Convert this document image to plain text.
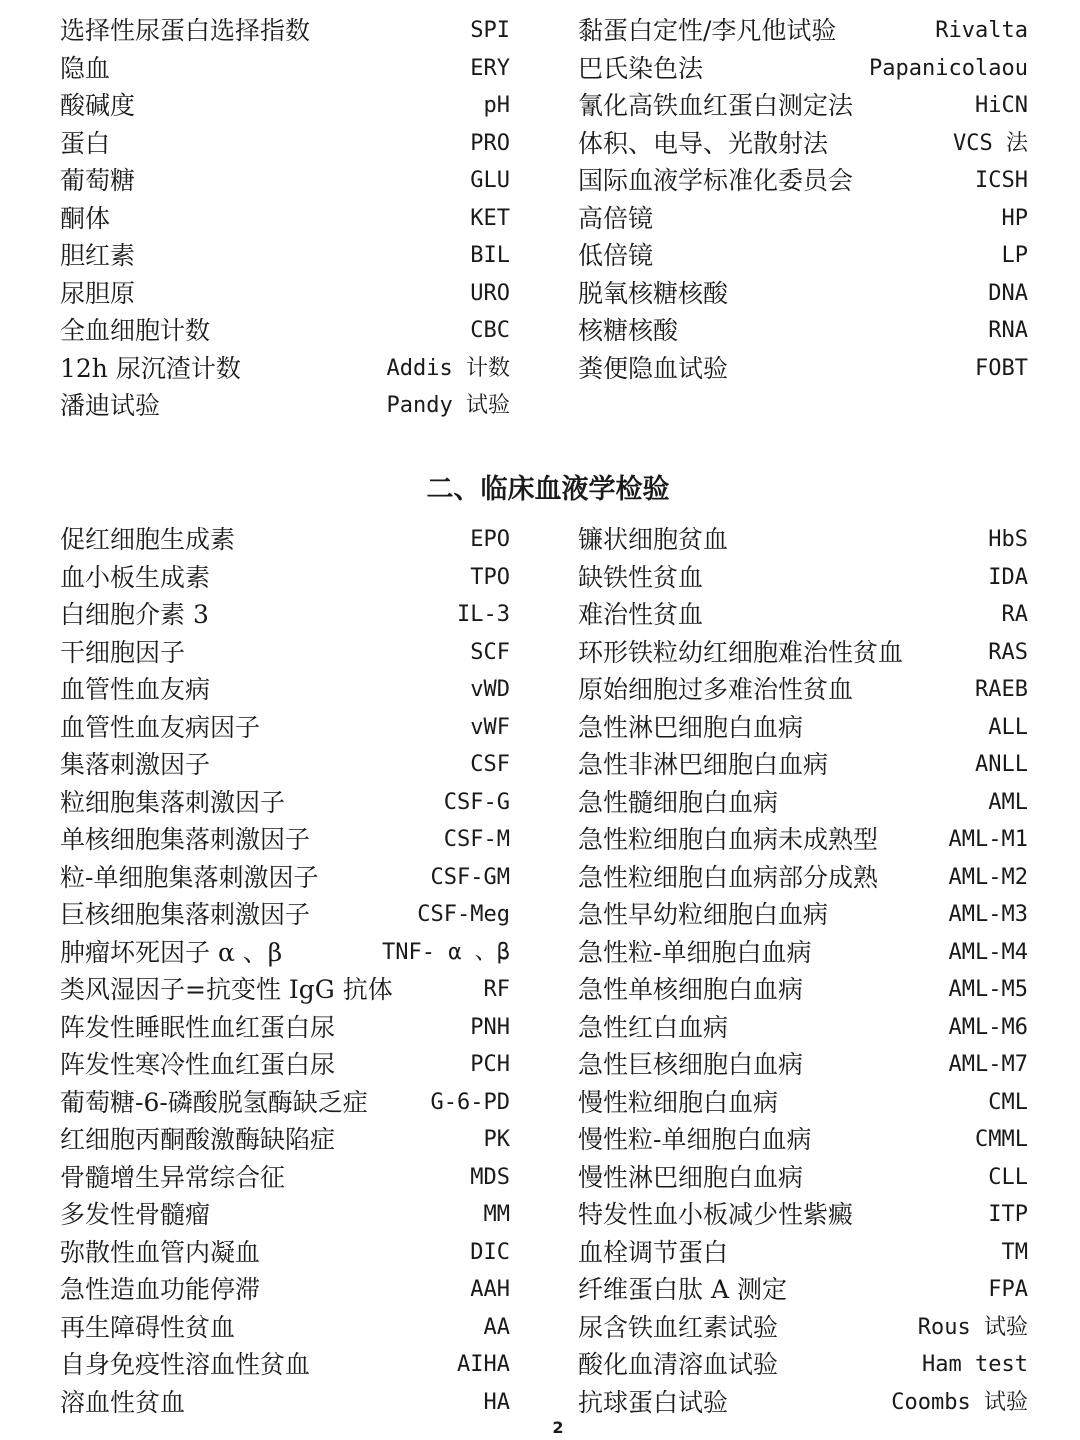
选择性尿蛋白选择指数	SPI
隐血	ERY
酸碱度	pH
蛋白	PRO
葡萄糖	GLU
酮体	KET
胆红素	BIL
尿胆原	URO
全血细胞计数	CBC
12h 尿沉渣计数	Addis 计数
潘迪试验	Pandy 试验
黏蛋白定性/李凡他试验	Rivalta
巴氏染色法	Papanicolaou
氰化高铁血红蛋白测定法	HiCN
体积、电导、光散射法	VCS 法
国际血液学标准化委员会	ICSH
高倍镜	HP
低倍镜	LP
脱氧核糖核酸	DNA
核糖核酸	RNA
粪便隐血试验	FOBT
二、临床血液学检验
促红细胞生成素	EPO
血小板生成素	TPO
白细胞介素 3	IL-3
干细胞因子	SCF
血管性血友病	vWD
血管性血友病因子	vWF
集落刺激因子	CSF
粒细胞集落刺激因子	CSF-G
单核细胞集落刺激因子	CSF-M
粒-单细胞集落刺激因子	CSF-GM
巨核细胞集落刺激因子	CSF-Meg
肿瘤坏死因子 α 、β	TNF- α 、β
类风湿因子=抗变性 IgG 抗体	RF
阵发性睡眠性血红蛋白尿	PNH
阵发性寒冷性血红蛋白尿	PCH
葡萄糖-6-磷酸脱氢酶缺乏症	G-6-PD
红细胞丙酮酸激酶缺陷症	PK
骨髓增生异常综合征	MDS
多发性骨髓瘤	MM
弥散性血管内凝血	DIC
急性造血功能停滞	AAH
再生障碍性贫血	AA
自身免疫性溶血性贫血	AIHA
溶血性贫血	HA
镰状细胞贫血	HbS
缺铁性贫血	IDA
难治性贫血	RA
环形铁粒幼红细胞难治性贫血	RAS
原始细胞过多难治性贫血	RAEB
急性淋巴细胞白血病	ALL
急性非淋巴细胞白血病	ANLL
急性髓细胞白血病	AML
急性粒细胞白血病未成熟型	AML-M1
急性粒细胞白血病部分成熟	AML-M2
急性早幼粒细胞白血病	AML-M3
急性粒-单细胞白血病	AML-M4
急性单核细胞白血病	AML-M5
急性红白血病	AML-M6
急性巨核细胞白血病	AML-M7
慢性粒细胞白血病	CML
慢性粒-单细胞白血病	CMML
慢性淋巴细胞白血病	CLL
特发性血小板减少性紫癜	ITP
血栓调节蛋白	TM
纤维蛋白肽 A 测定	FPA
尿含铁血红素试验	Rous 试验
酸化血清溶血试验	Ham test
抗球蛋白试验	Coombs 试验
2
